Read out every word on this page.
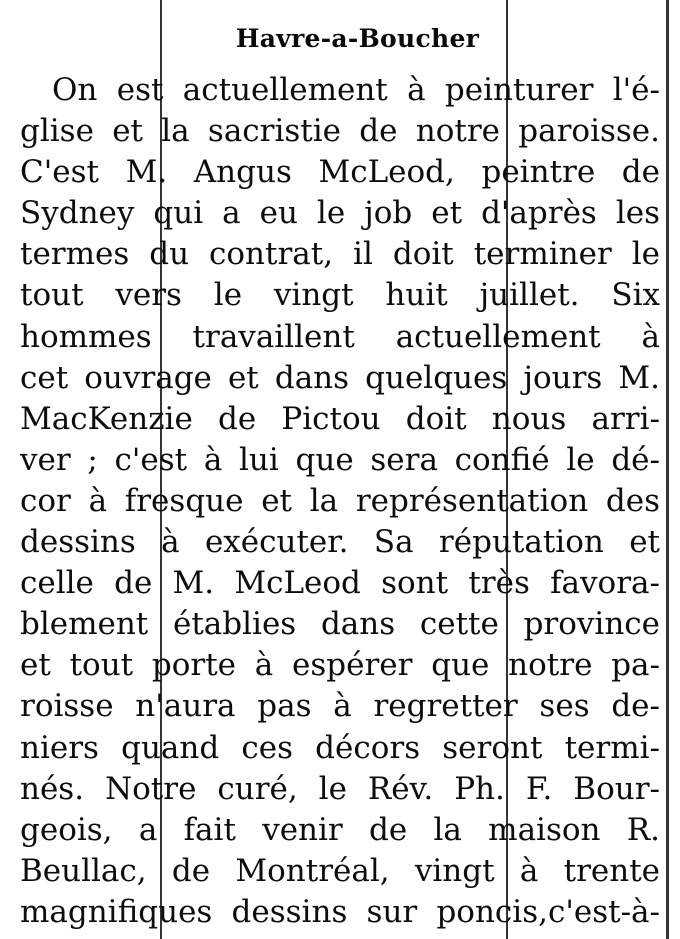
Havre-a-Boucher
On est actuellement à peinturer l'é-
glise et la sacristie de notre paroisse.
C'est M. Angus McLeod, peintre de
Sydney qui a eu le job et d'après les
termes du contrat, il doit terminer le
tout vers le vingt huit juillet. Six
hommes travaillent actuellement à
cet ouvrage et dans quelques jours M.
MacKenzie de Pictou doit nous arri-
ver ; c'est à lui que sera confié le dé-
cor à fresque et la représentation des
dessins à exécuter. Sa réputation et
celle de M. McLeod sont très favora-
blement établies dans cette province
et tout porte à espérer que notre pa-
roisse n'aura pas à regretter ses de-
niers quand ces décors seront termi-
nés. Notre curé, le Rév. Ph. F. Bour-
geois, a fait venir de la maison R.
Beullac, de Montréal, vingt à trente
magnifiques dessins sur poncis,c'est-à-
